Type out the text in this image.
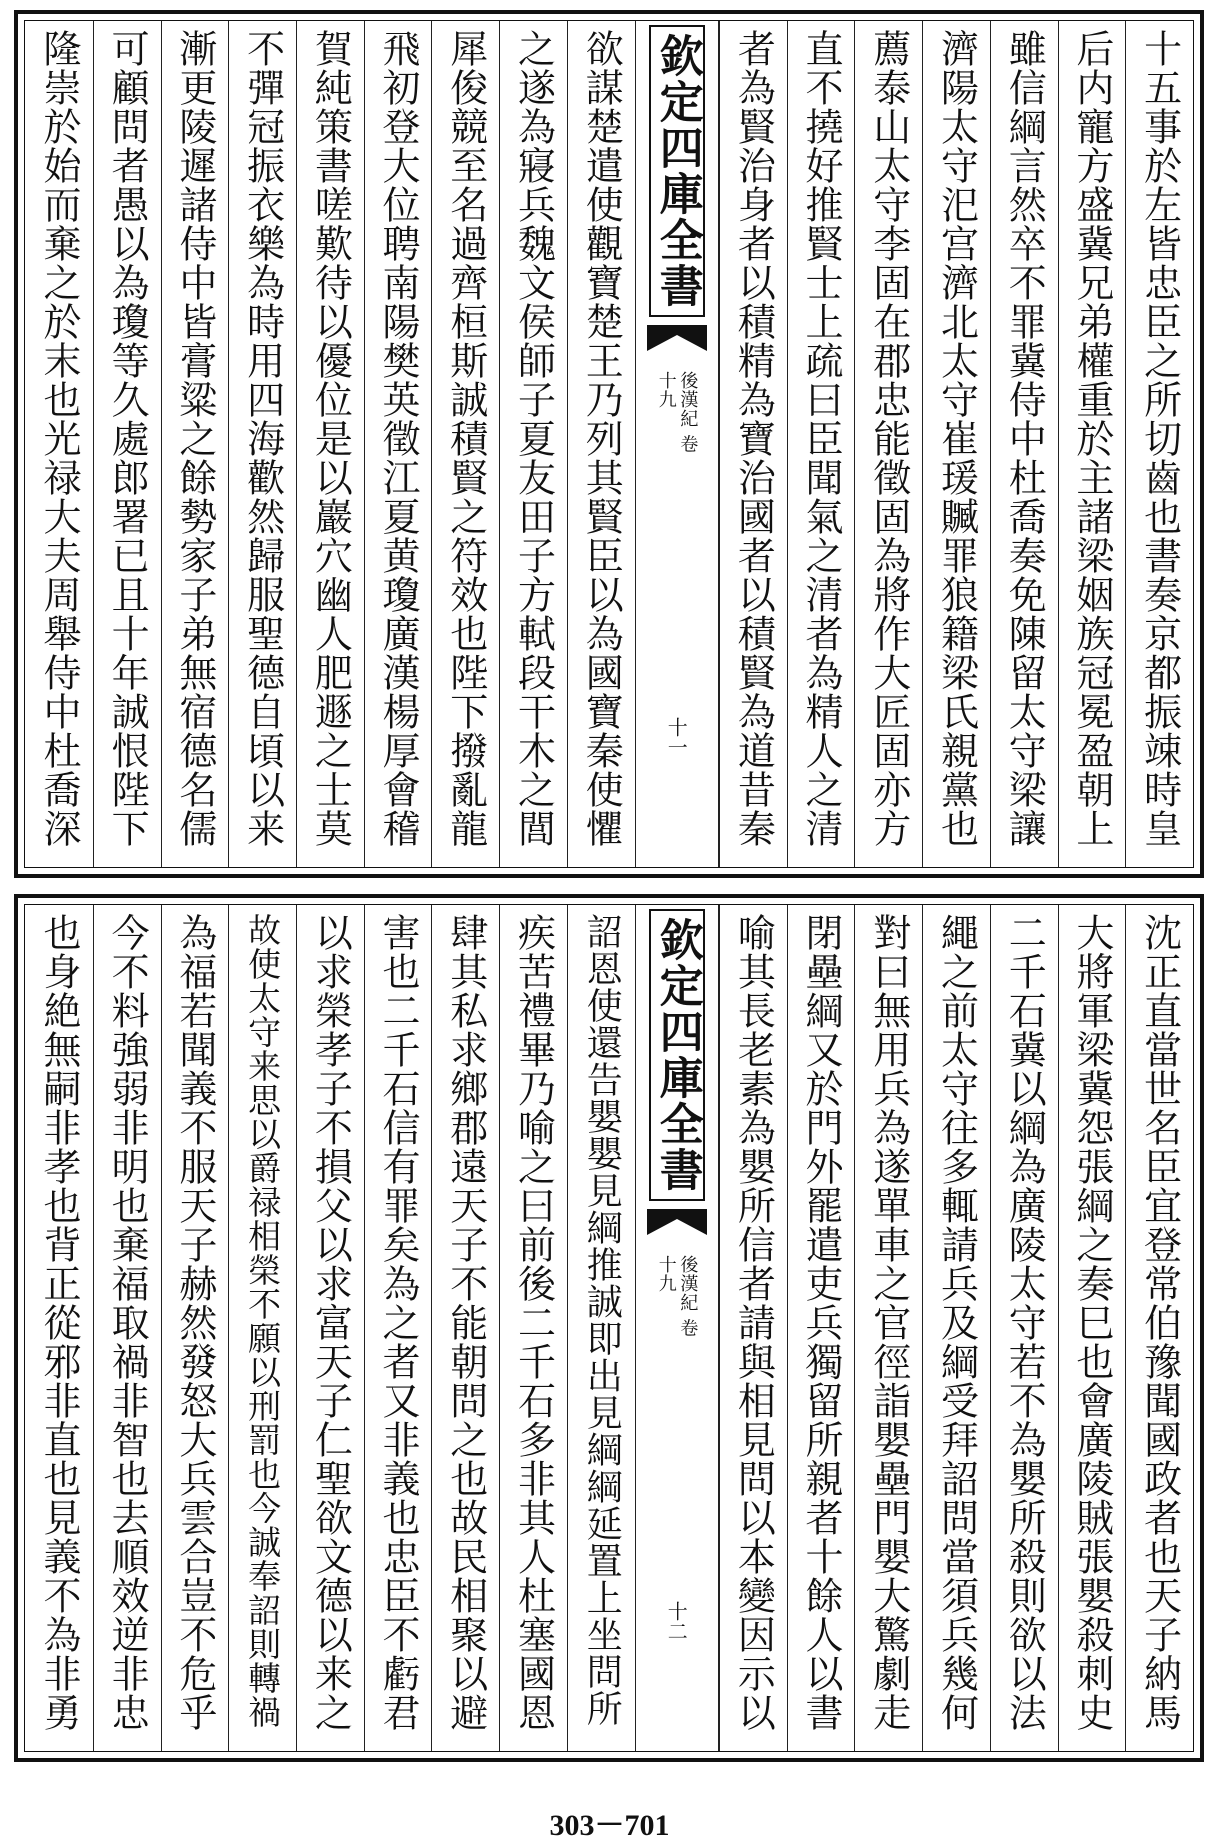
十五事於左皆忠臣之所切齒也書奏京都振竦時皇
后内寵方盛冀兄弟權重於主諸梁姻族冠冕盈朝上
雖信綱言然卒不罪冀侍中杜喬奏免陳留太守梁讓
濟陽太守汜宫濟北太守崔瑗贓罪狼籍梁氏親黨也
薦泰山太守李固在郡忠能徵固為將作大匠固亦方
直不撓好推賢士上疏曰臣聞氣之清者為精人之清
者為賢治身者以積精為寶治國者以積賢為道昔秦
欽定四庫全書
後漢紀 卷十九
十一
欲謀楚遣使觀寶楚王乃列其賢臣以為國寶秦使懼
之遂為寢兵魏文侯師子夏友田子方軾段干木之閭
犀俊競至名過齊桓斯誠積賢之符效也陛下撥亂龍
飛初登大位聘南陽樊英徵江夏黄瓊廣漢楊厚會稽
賀純策書嗟歎待以優位是以巖穴幽人肥遯之士莫
不彈冠振衣樂為時用四海歡然歸服聖德自頃以来
漸更陵遲諸侍中皆膏粱之餘勢家子弟無宿德名儒
可顧問者愚以為瓊等久處郎署已且十年誠恨陛下
隆崇於始而棄之於末也光禄大夫周舉侍中杜喬深
沈正直當世名臣宜登常伯豫聞國政者也天子納馬
大將軍梁冀怨張綱之奏巳也會廣陵賊張嬰殺刺史
二千石冀以綱為廣陵太守若不為嬰所殺則欲以法
繩之前太守往多輒請兵及綱受拜詔問當須兵幾何
對曰無用兵為遂單車之官徑詣嬰壘門嬰大驚劇走
閉壘綱又於門外罷遣吏兵獨留所親者十餘人以書
喻其長老素為嬰所信者請與相見問以本變因示以
欽定四庫全書
後漢紀 卷十九
十二
詔恩使還告嬰嬰見綱推誠即出見綱綱延置上坐問所
疾苦禮畢乃喻之曰前後二千石多非其人杜塞國恩
肆其私求鄉郡遠天子不能朝問之也故民相聚以避
害也二千石信有罪矣為之者又非義也忠臣不虧君
以求榮孝子不損父以求富天子仁聖欲文德以来之
故使太守来思以爵禄相榮不願以刑罰也今誠奉詔則轉禍
為福若聞義不服天子赫然發怒大兵雲合豈不危乎
今不料強弱非明也棄福取禍非智也去順效逆非忠
也身絶無嗣非孝也背正從邪非直也見義不為非勇
303－701
